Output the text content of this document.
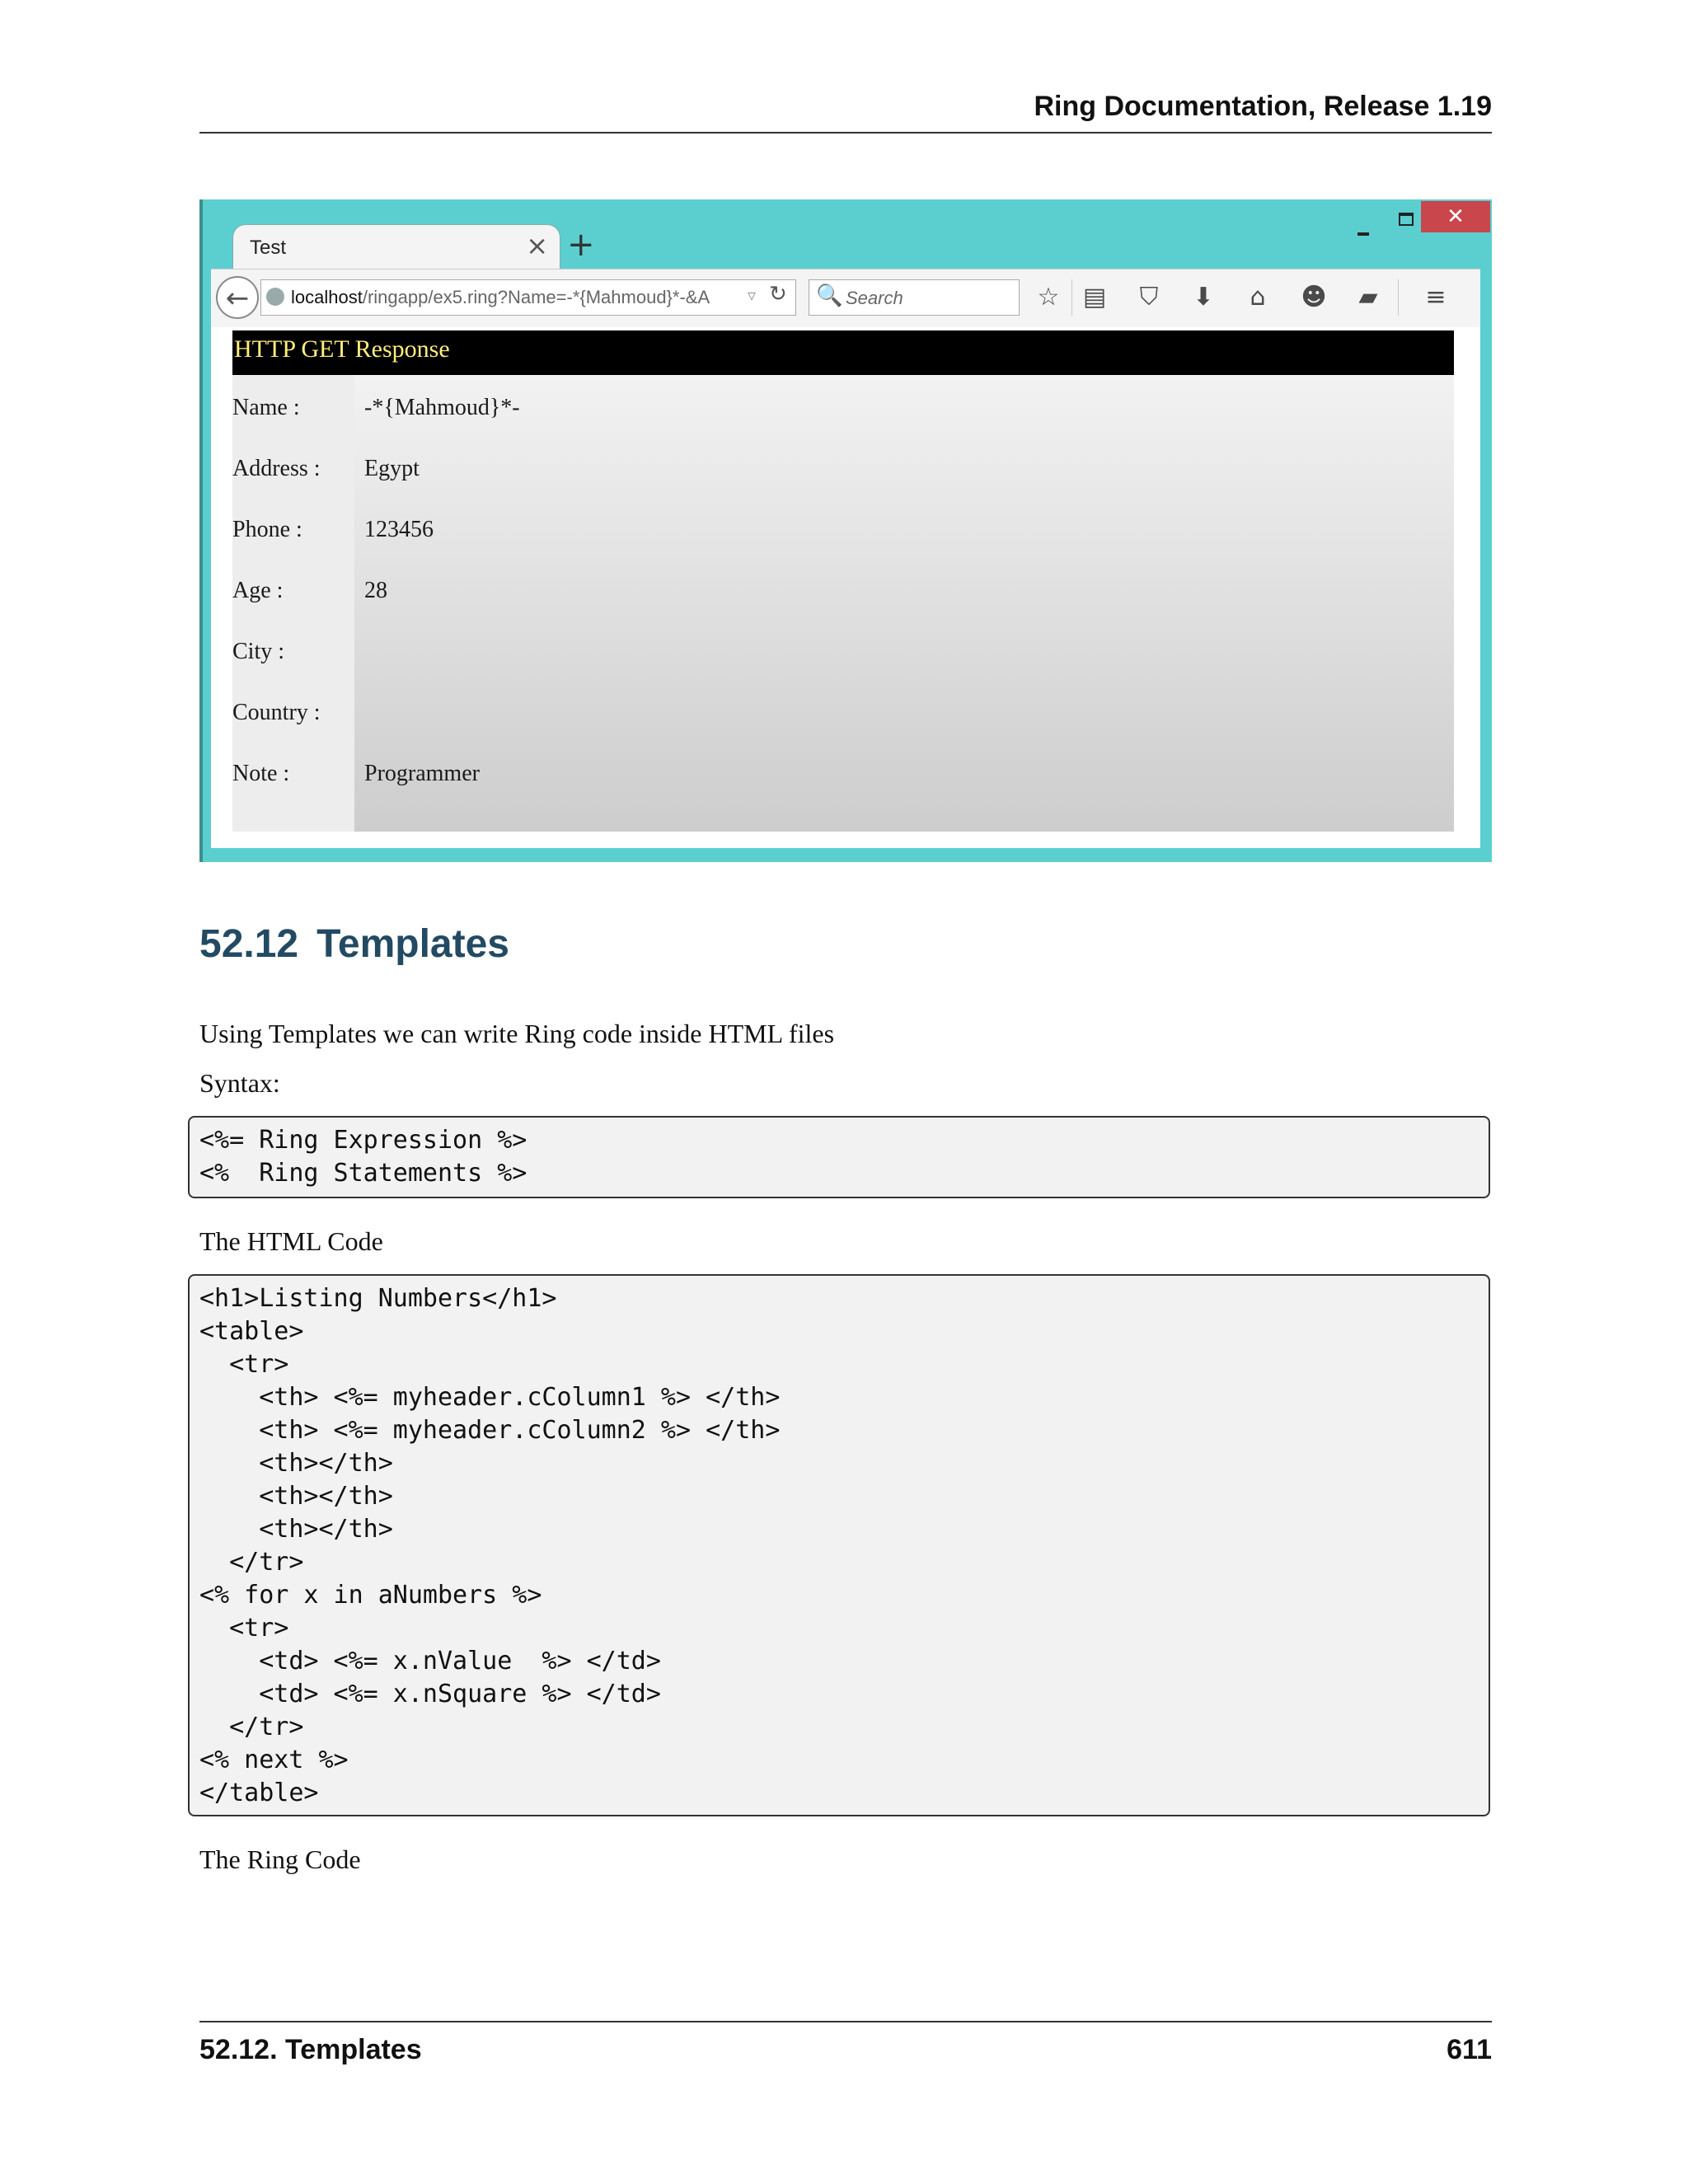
Ring Documentation, Release 1.19
✕
Test	× +
←	localhost/ringapp/ex5.ring?Name=-*{Mahmoud}*-&A ▿ ↻ 🔍 Search	☆ ▤	⛉	⬇	⌂	☻	▰	≡
HTTP GET Response
Name :	-*{Mahmoud}*-
Address : Egypt
Phone :	123456
Age :	28
City :
Country :
Note :	Programmer
52.12 Templates
Using Templates we can write Ring code inside HTML files
Syntax:
<%= Ring Expression %>
<%  Ring Statements %>
The HTML Code
<h1>Listing Numbers</h1>
<table>
<tr>
<th> <%= myheader.cColumn1 %> </th>
<th> <%= myheader.cColumn2 %> </th>
<th></th>
<th></th>
<th></th>
</tr>
<% for x in aNumbers %>
<tr>
<td> <%= x.nValue  %> </td>
<td> <%= x.nSquare %> </td>
</tr>
<% next %>
</table>
The Ring Code
52.12. Templates	611
